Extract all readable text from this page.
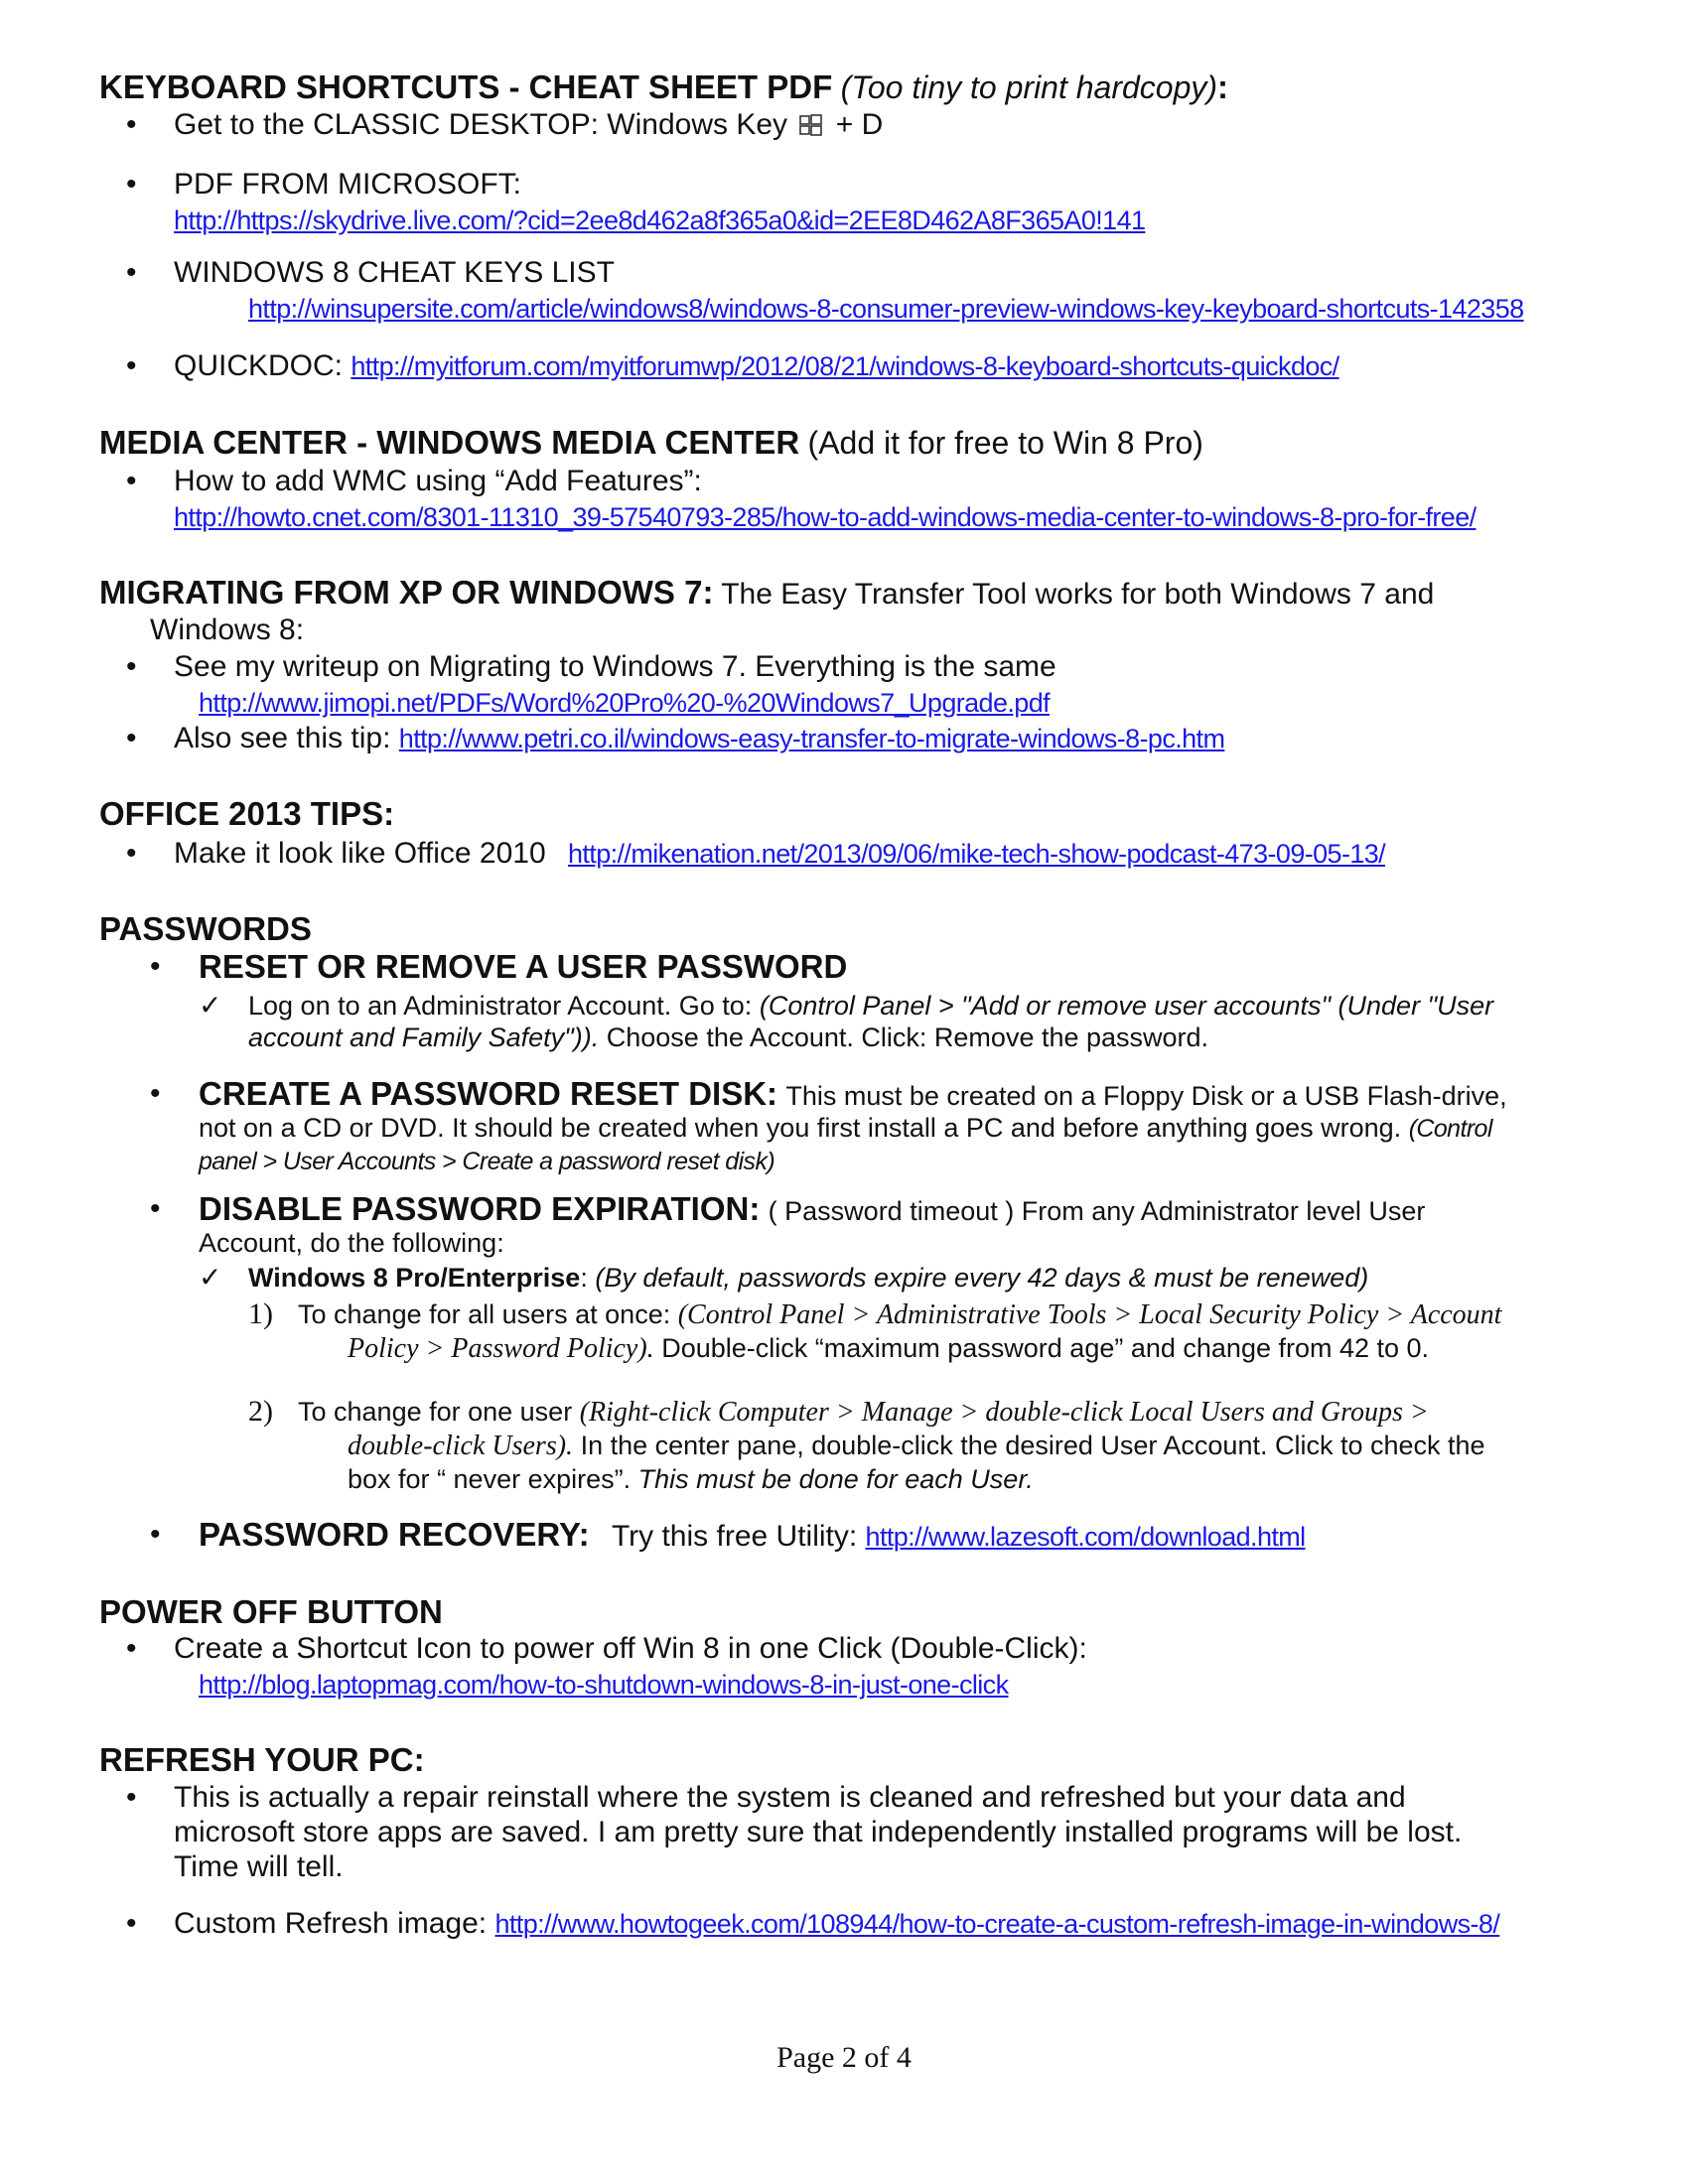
KEYBOARD SHORTCUTS - CHEAT SHEET PDF (Too tiny to print hardcopy):
• Get to the CLASSIC DESKTOP: Windows Key + D
• PDF FROM MICROSOFT:
http://https://skydrive.live.com/?cid=2ee8d462a8f365a0&id=2EE8D462A8F365A0!141
• WINDOWS 8 CHEAT KEYS LIST
http://winsupersite.com/article/windows8/windows-8-consumer-preview-windows-key-keyboard-shortcuts-142358
• QUICKDOC: http://myitforum.com/myitforumwp/2012/08/21/windows-8-keyboard-shortcuts-quickdoc/
MEDIA CENTER - WINDOWS MEDIA CENTER (Add it for free to Win 8 Pro)
• How to add WMC using “Add Features”:
http://howto.cnet.com/8301-11310_39-57540793-285/how-to-add-windows-media-center-to-windows-8-pro-for-free/
MIGRATING FROM XP OR WINDOWS 7: The Easy Transfer Tool works for both Windows 7 and
Windows 8:
• See my writeup on Migrating to Windows 7. Everything is the same
http://www.jimopi.net/PDFs/Word%20Pro%20-%20Windows7_Upgrade.pdf
• Also see this tip: http://www.petri.co.il/windows-easy-transfer-to-migrate-windows-8-pc.htm
OFFICE 2013 TIPS:
• Make it look like Office 2010 http://mikenation.net/2013/09/06/mike-tech-show-podcast-473-09-05-13/
PASSWORDS
• RESET OR REMOVE A USER PASSWORD
✓ Log on to an Administrator Account. Go to: (Control Panel > "Add or remove user accounts" (Under "User
account and Family Safety")). Choose the Account. Click: Remove the password.
• CREATE A PASSWORD RESET DISK: This must be created on a Floppy Disk or a USB Flash-drive,
not on a CD or DVD. It should be created when you first install a PC and before anything goes wrong. (Control
panel > User Accounts > Create a password reset disk)
• DISABLE PASSWORD EXPIRATION: ( Password timeout ) From any Administrator level User
Account, do the following:
✓ Windows 8 Pro/Enterprise: (By default, passwords expire every 42 days & must be renewed)
1) To change for all users at once: (Control Panel > Administrative Tools > Local Security Policy > Account
Policy > Password Policy). Double-click “maximum password age” and change from 42 to 0.
2) To change for one user (Right-click Computer > Manage > double-click Local Users and Groups >
double-click Users). In the center pane, double-click the desired User Account. Click to check the
box for “ never expires”. This must be done for each User.
• PASSWORD RECOVERY: Try this free Utility: http://www.lazesoft.com/download.html
POWER OFF BUTTON
• Create a Shortcut Icon to power off Win 8 in one Click (Double-Click):
http://blog.laptopmag.com/how-to-shutdown-windows-8-in-just-one-click
REFRESH YOUR PC:
• This is actually a repair reinstall where the system is cleaned and refreshed but your data and
microsoft store apps are saved. I am pretty sure that independently installed programs will be lost.
Time will tell.
• Custom Refresh image: http://www.howtogeek.com/108944/how-to-create-a-custom-refresh-image-in-windows-8/
Page 2 of 4
